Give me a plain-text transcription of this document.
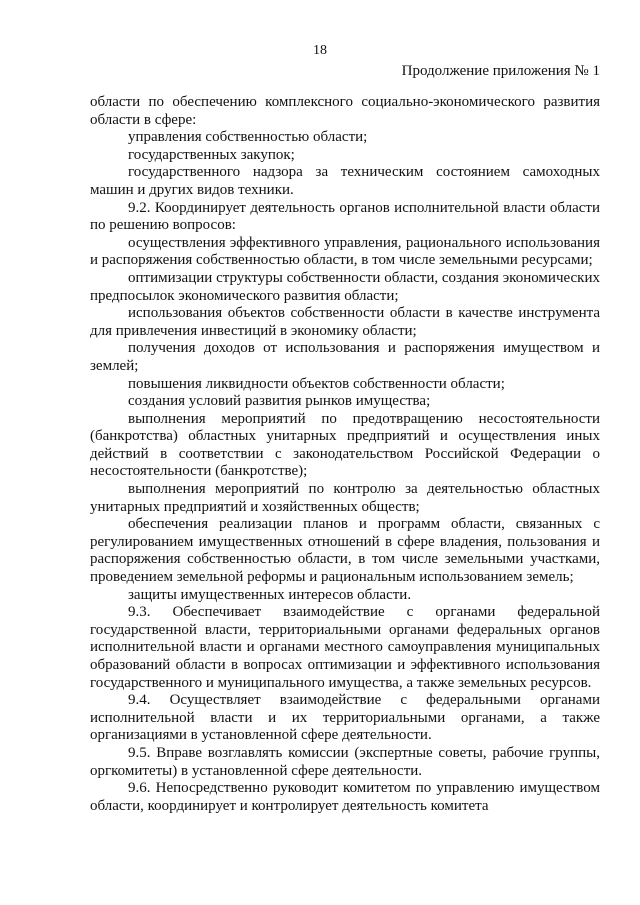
18
Продолжение приложения № 1

области по обеспечению комплексного социально-экономического развития области в сфере:

управления собственностью области;

государственных закупок;

государственного надзора за техническим состоянием самоходных машин и других видов техники.

9.2. Координирует деятельность органов исполнительной власти области по решению вопросов:

осуществления эффективного управления, рационального использования и распоряжения собственностью области, в том числе земельными ресурсами;

оптимизации структуры собственности области, создания экономических предпосылок экономического развития области;

использования объектов собственности области в качестве инструмента для привлечения инвестиций в экономику области;

получения доходов от использования и распоряжения имуществом и землей;

повышения ликвидности объектов собственности области;

создания условий развития рынков имущества;

выполнения мероприятий по предотвращению несостоятельности (банкротства) областных унитарных предприятий и осуществления иных действий в соответствии с законодательством Российской Федерации о несостоятельности (банкротстве);

выполнения мероприятий по контролю за деятельностью областных унитарных предприятий и хозяйственных обществ;

обеспечения реализации планов и программ области, связанных с регулированием имущественных отношений в сфере владения, пользования и распоряжения собственностью области, в том числе земельными участками, проведением земельной реформы и рациональным использованием земель;

защиты имущественных интересов области.

9.3. Обеспечивает взаимодействие с органами федеральной государственной власти, территориальными органами федеральных органов исполнительной власти и органами местного самоуправления муниципальных образований области в вопросах оптимизации и эффективного использования государственного и муниципального имущества, а также земельных ресурсов.

9.4. Осуществляет взаимодействие с федеральными органами исполнительной власти и их территориальными органами, а также организациями в установленной сфере деятельности.

9.5. Вправе возглавлять комиссии (экспертные советы, рабочие группы, оргкомитеты) в установленной сфере деятельности.

9.6. Непосредственно руководит комитетом по управлению имуществом области, координирует и контролирует деятельность комитета
